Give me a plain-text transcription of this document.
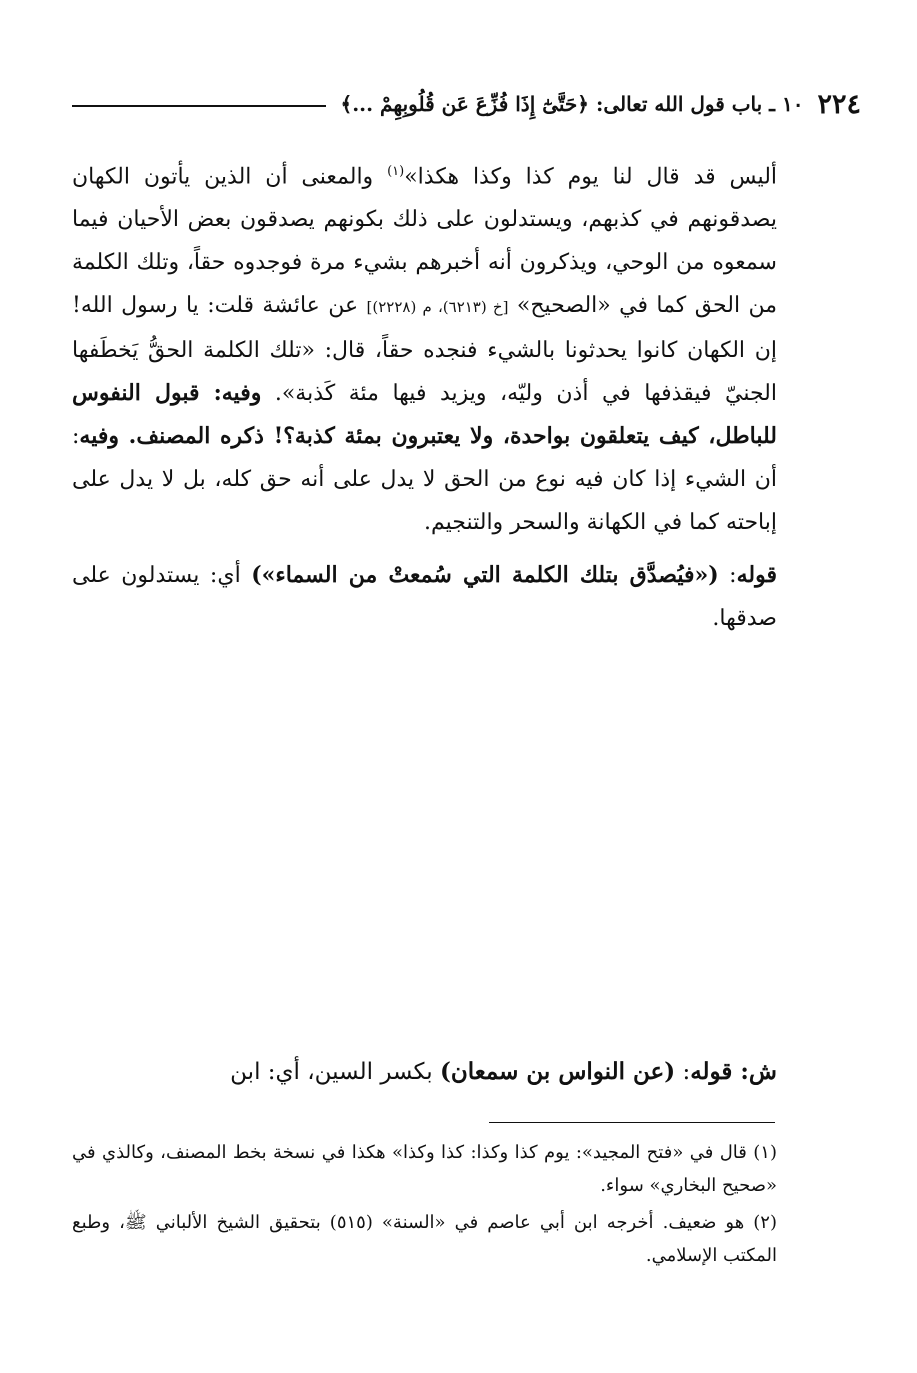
٢٢٤
١٠ ـ باب قول الله تعالى: ﴿حَتَّىٰٓ إِذَا فُزِّعَ عَن قُلُوبِهِمْ ...﴾

أليس قد قال لنا يوم كذا وكذا هكذا»$^{(١)}$ والمعنى أن الذين يأتون الكهان يصدقونهم في كذبهم، ويستدلون على ذلك بكونهم يصدقون بعض الأحيان فيما سمعوه من الوحي، ويذكرون أنه أخبرهم بشيء مرة فوجدوه حقاً، وتلك الكلمة من الحق كما في «الصحيح» [خ (٦٢١٣)، م (٢٢٢٨)] عن عائشة قلت: يا رسول الله! إن الكهان كانوا يحدثونا بالشيء فنجده حقاً، قال: «تلك الكلمة الحقُّ يَخطَفها الجنيّ فيقذفها في أذن وليّه، ويزيد فيها مئة كَذبة». وفيه: قبول النفوس للباطل، كيف يتعلقون بواحدة، ولا يعتبرون بمئة كذبة؟! ذكره المصنف. وفيه: أن الشيء إذا كان فيه نوع من الحق لا يدل على أنه حق كله، بل لا يدل على إباحته كما في الكهانة والسحر والتنجيم.

قوله: («فيُصدَّق بتلك الكلمة التي سُمعتْ من السماء») أي: يستدلون على صدقها.

ش: قوله: (عن النواس بن سمعان) بكسر السين، أي: ابن

(١) قال في «فتح المجيد»: يوم كذا وكذا: كذا وكذا» هكذا في نسخة بخط المصنف، وكالذي في «صحيح البخاري» سواء.

(٢) هو ضعيف. أخرجه ابن أبي عاصم في «السنة» (٥١٥) بتحقيق الشيخ الألباني ﷺ، وطبع المكتب الإسلامي.
